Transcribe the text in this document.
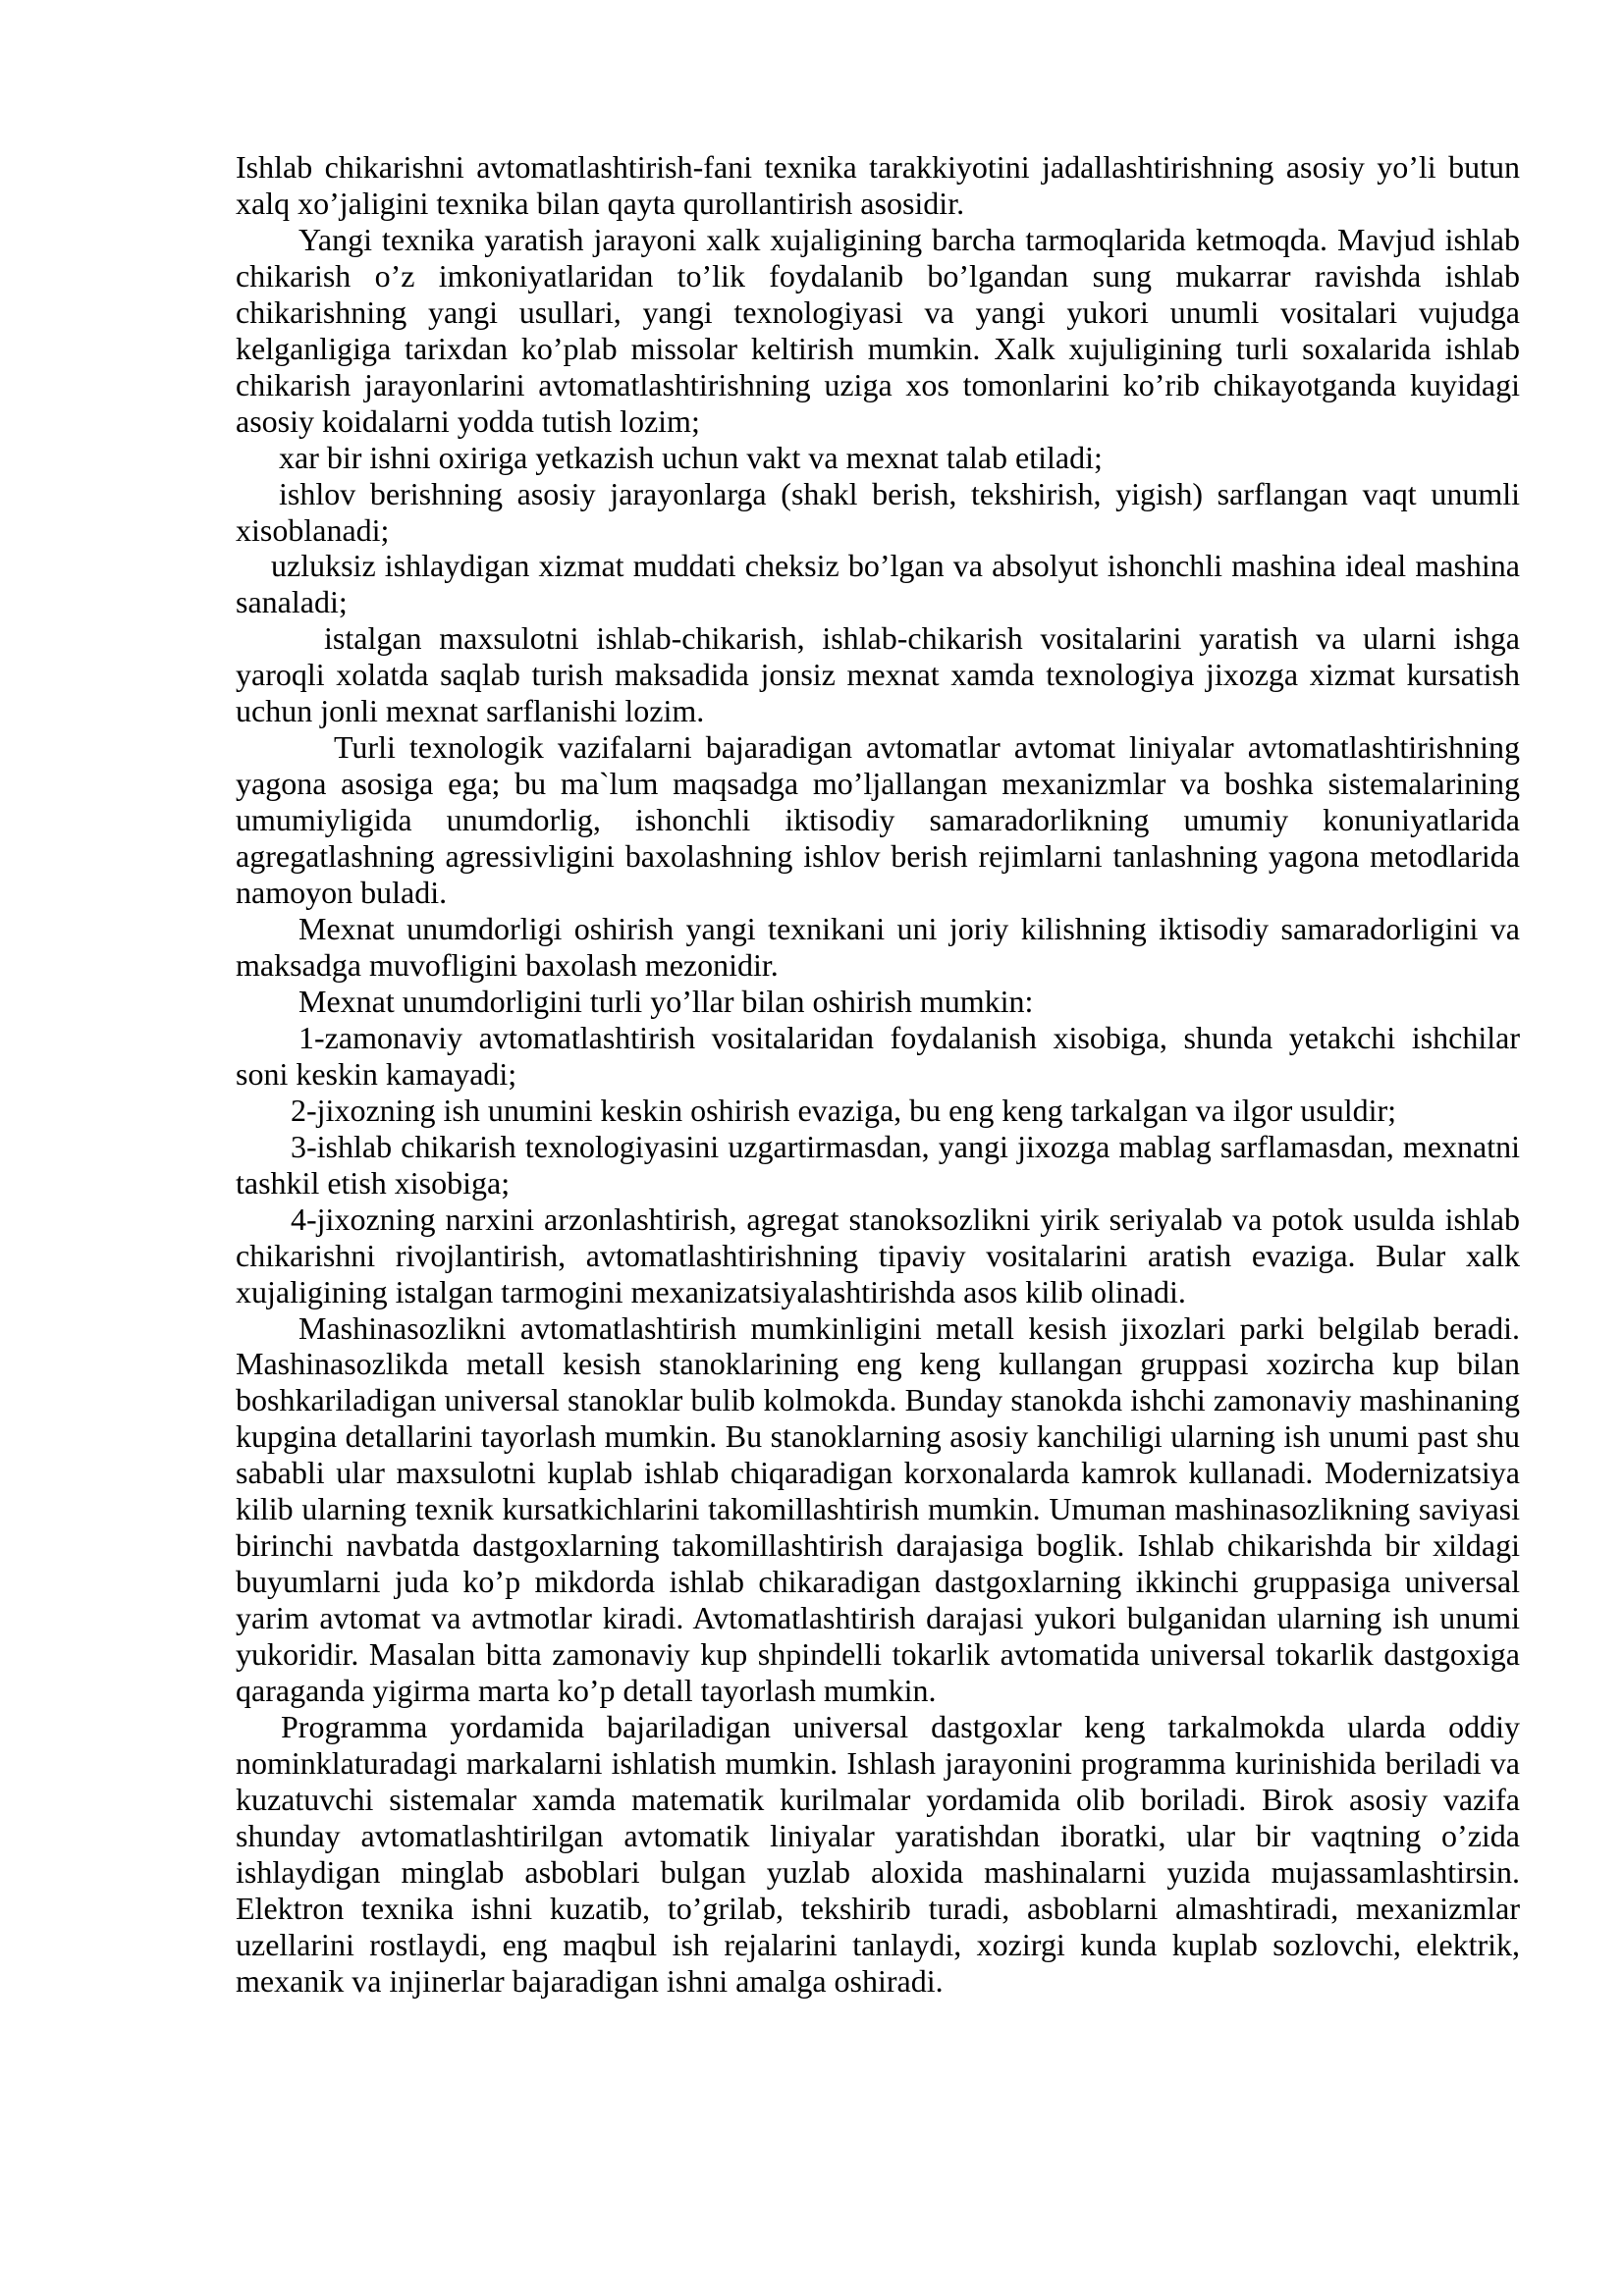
Ishlab chikarishni avtomatlashtirish-fani texnika tarakkiyotini jadallashtirishning asosiy yo’li butun xalq xo’jaligini texnika bilan qayta qurollantirish asosidir.

Yangi texnika yaratish jarayoni xalk xujaligining barcha tarmoqlarida ketmoqda. Mavjud ishlab chikarish o’z imkoniyatlaridan to’lik foydalanib bo’lgandan sung mukarrar ravishda ishlab chikarishning yangi usullari, yangi texnologiyasi va yangi yukori unumli vositalari vujudga kelganligiga tarixdan ko’plab missolar keltirish mumkin. Xalk xujuligining turli soxalarida ishlab chikarish jarayonlarini avtomatlashtirishning uziga xos tomonlarini ko’rib chikayotganda kuyidagi asosiy koidalarni yodda tutish lozim;

xar bir ishni oxiriga yetkazish uchun vakt va mexnat talab etiladi;

ishlov berishning asosiy jarayonlarga (shakl berish, tekshirish, yigish) sarflangan vaqt unumli xisoblanadi;

uzluksiz ishlaydigan xizmat muddati cheksiz bo’lgan va absolyut ishonchli mashina ideal mashina sanaladi;

istalgan maxsulotni ishlab-chikarish, ishlab-chikarish vositalarini yaratish va ularni ishga yaroqli xolatda saqlab turish maksadida jonsiz mexnat xamda texnologiya jixozga xizmat kursatish uchun jonli mexnat sarflanishi lozim.

Turli texnologik vazifalarni bajaradigan avtomatlar avtomat liniyalar avtomatlashtirishning yagona asosiga ega; bu ma`lum maqsadga mo’ljallangan mexanizmlar va boshka sistemalarining umumiyligida unumdorlig, ishonchli iktisodiy samaradorlikning umumiy konuniyatlarida agregatlashning agressivligini baxolashning ishlov berish rejimlarni tanlashning yagona metodlarida namoyon buladi.

Mexnat unumdorligi oshirish yangi texnikani uni joriy kilishning iktisodiy samaradorligini va maksadga muvofligini baxolash mezonidir.

Mexnat unumdorligini turli yo’llar bilan oshirish mumkin:

1-zamonaviy avtomatlashtirish vositalaridan foydalanish xisobiga, shunda yetakchi ishchilar soni keskin kamayadi;

2-jixozning ish unumini keskin oshirish evaziga, bu eng keng tarkalgan va ilgor usuldir;

3-ishlab chikarish texnologiyasini uzgartirmasdan, yangi jixozga mablag sarflamasdan, mexnatni tashkil etish xisobiga;

4-jixozning narxini arzonlashtirish, agregat stanoksozlikni yirik seriyalab va potok usulda ishlab chikarishni rivojlantirish, avtomatlashtirishning tipaviy vositalarini aratish evaziga. Bular xalk xujaligining istalgan tarmogini mexanizatsiyalashtirishda asos kilib olinadi.

Mashinasozlikni avtomatlashtirish mumkinligini metall kesish jixozlari parki belgilab beradi. Mashinasozlikda metall kesish stanoklarining eng keng kullangan gruppasi xozircha kup bilan boshkariladigan universal stanoklar bulib kolmokda. Bunday stanokda ishchi zamonaviy mashinaning kupgina detallarini tayorlash mumkin. Bu stanoklarning asosiy kanchiligi ularning ish unumi past shu sababli ular maxsulotni kuplab ishlab chiqaradigan korxonalarda kamrok kullanadi. Modernizatsiya kilib ularning texnik kursatkichlarini takomillashtirish mumkin. Umuman mashinasozlikning saviyasi birinchi navbatda dastgoxlarning takomillashtirish darajasiga boglik. Ishlab chikarishda bir xildagi buyumlarni juda ko’p mikdorda ishlab chikaradigan dastgoxlarning ikkinchi gruppasiga universal yarim avtomat va avtmotlar kiradi. Avtomatlashtirish darajasi yukori bulganidan ularning ish unumi yukoridir. Masalan bitta zamonaviy kup shpindelli tokarlik avtomatida universal tokarlik dastgoxiga qaraganda yigirma marta ko’p detall tayorlash mumkin.

Programma yordamida bajariladigan universal dastgoxlar keng tarkalmokda ularda oddiy nominklaturadagi markalarni ishlatish mumkin. Ishlash jarayonini programma kurinishida beriladi va kuzatuvchi sistemalar xamda matematik kurilmalar yordamida olib boriladi. Birok asosiy vazifa shunday avtomatlashtirilgan avtomatik liniyalar yaratishdan iboratki, ular bir vaqtning o’zida ishlaydigan minglab asboblari bulgan yuzlab aloxida mashinalarni yuzida mujassamlashtirsin. Elektron texnika ishni kuzatib, to’grilab, tekshirib turadi, asboblarni almashtiradi, mexanizmlar uzellarini rostlaydi, eng maqbul ish rejalarini tanlaydi, xozirgi kunda kuplab sozlovchi, elektrik, mexanik va injinerlar bajaradigan ishni amalga oshiradi.
